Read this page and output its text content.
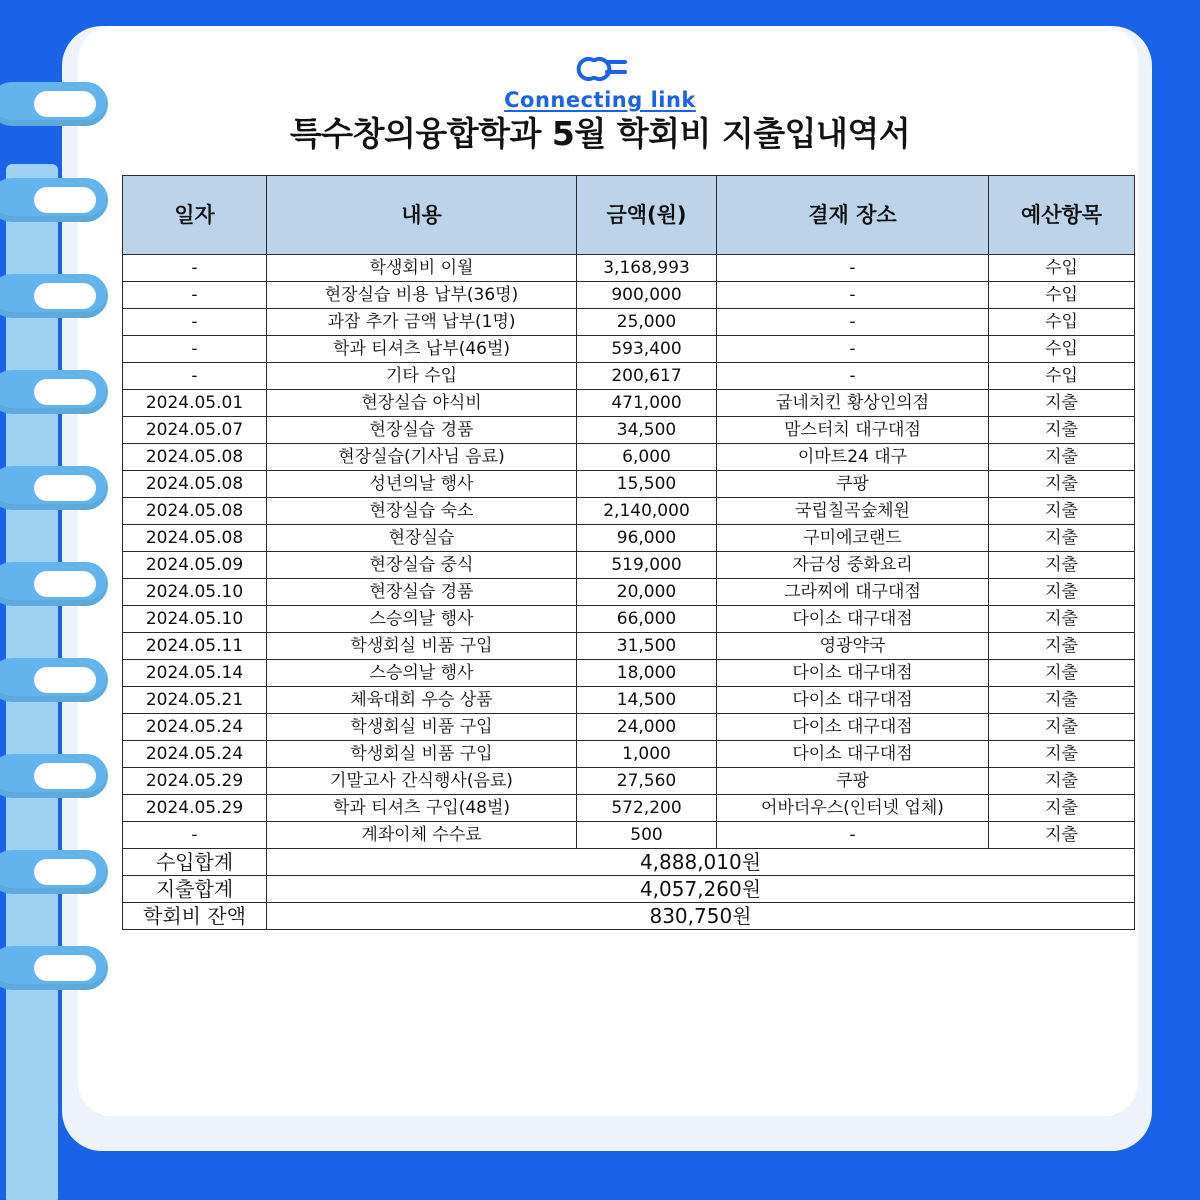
Connecting link
특수창의융합학과 5월 학회비 지출입내역서
일자	내용	금액(원)	결재 장소	예산항목
-	학생회비 이월	3,168,993	-	수입
-	현장실습 비용 납부(36명)	900,000	-	수입
-	과잠 추가 금액 납부(1명)	25,000	-	수입
-	학과 티셔츠 납부(46벌)	593,400	-	수입
-	기타 수입	200,617	-	수입
2024.05.01	현장실습 야식비	471,000	굽네치킨 황상인의점	지출
2024.05.07	현장실습 경품	34,500	맘스터치 대구대점	지출
2024.05.08	현장실습(기사님 음료)	6,000	이마트24 대구	지출
2024.05.08	성년의날 행사	15,500	쿠팡	지출
2024.05.08	현장실습 숙소	2,140,000	국립칠곡숲체원	지출
2024.05.08	현장실습	96,000	구미에코랜드	지출
2024.05.09	현장실습 중식	519,000	자금성 중화요리	지출
2024.05.10	현장실습 경품	20,000	그라찌에 대구대점	지출
2024.05.10	스승의날 행사	66,000	다이소 대구대점	지출
2024.05.11	학생회실 비품 구입	31,500	영광약국	지출
2024.05.14	스승의날 행사	18,000	다이소 대구대점	지출
2024.05.21	체육대회 우승 상품	14,500	다이소 대구대점	지출
2024.05.24	학생회실 비품 구입	24,000	다이소 대구대점	지출
2024.05.24	학생회실 비품 구입	1,000	다이소 대구대점	지출
2024.05.29	기말고사 간식행사(음료)	27,560	쿠팡	지출
2024.05.29	학과 티셔츠 구입(48벌)	572,200	어바더우스(인터넷 업체)	지출
-	계좌이체 수수료	500	-	지출
수입합계	4,888,010원			
지출합계	4,057,260원			
학회비 잔액	830,750원			
